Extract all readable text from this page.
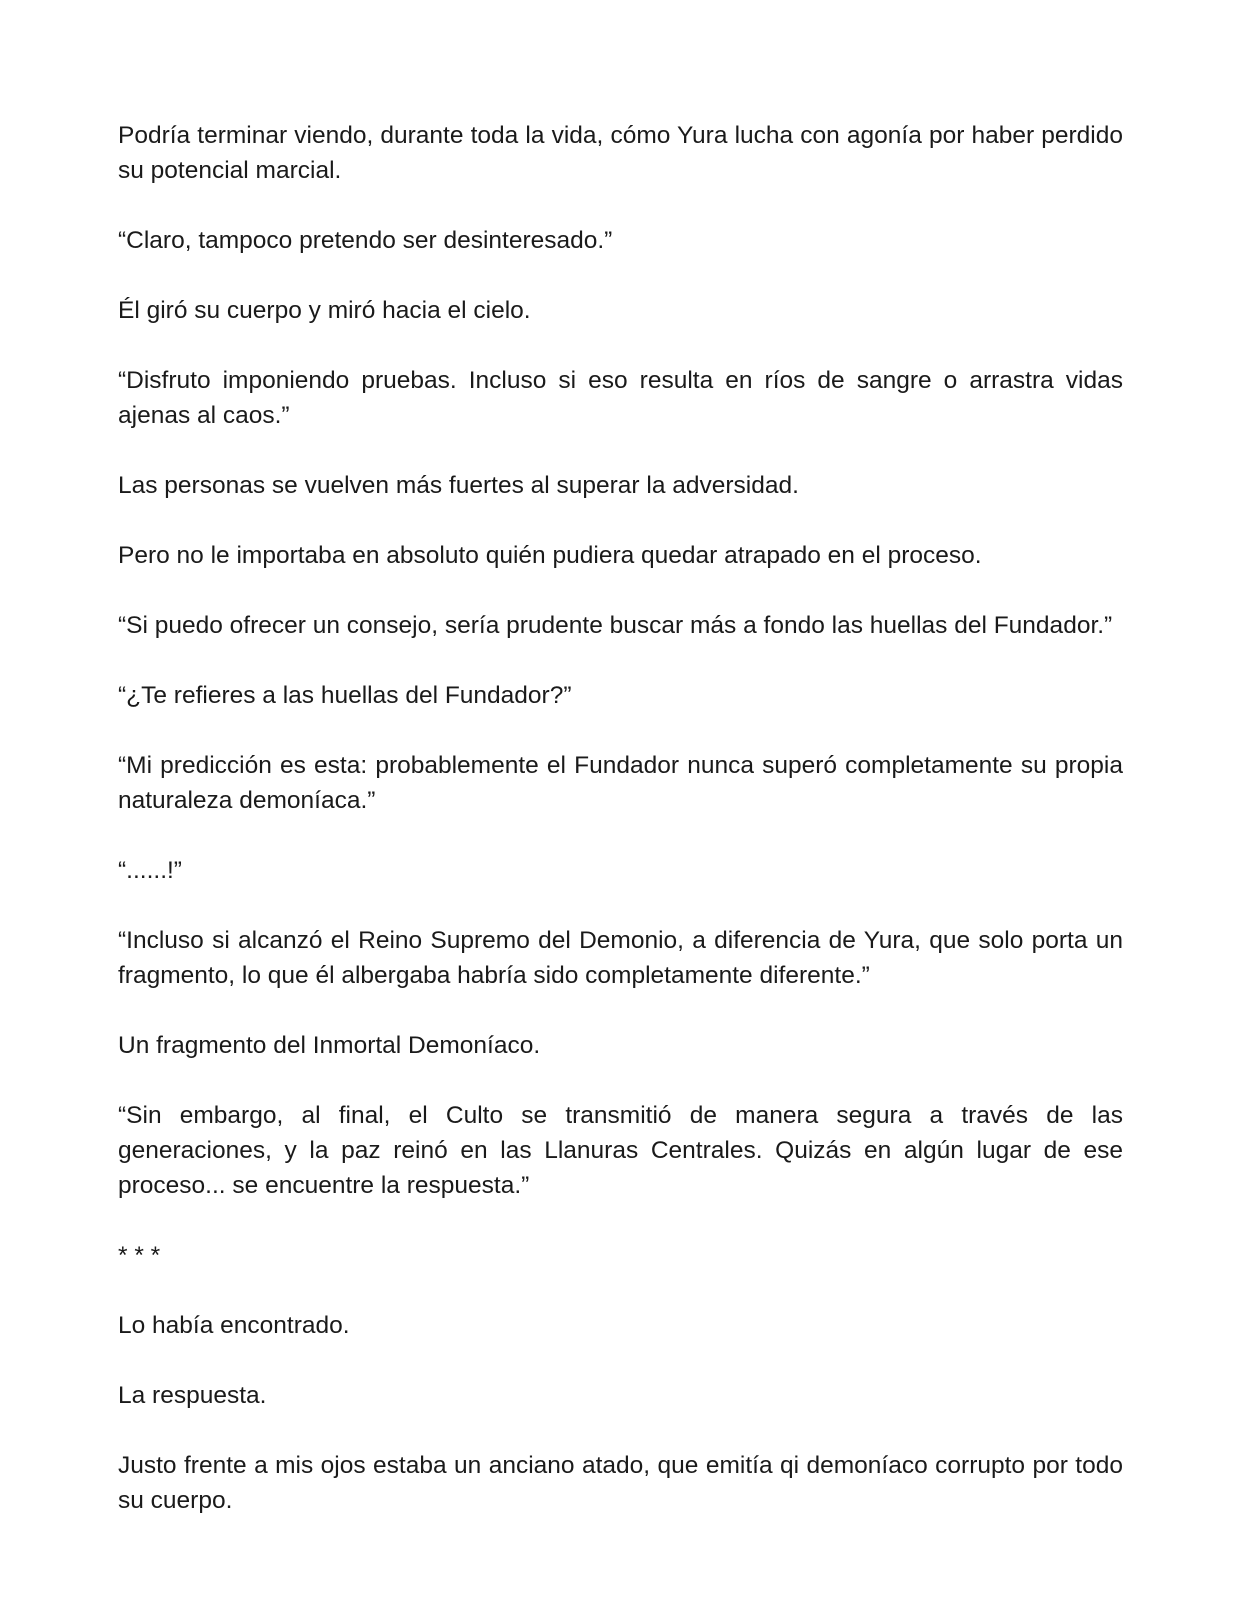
Podría terminar viendo, durante toda la vida, cómo Yura lucha con agonía por haber perdido su potencial marcial.

“Claro, tampoco pretendo ser desinteresado.”

Él giró su cuerpo y miró hacia el cielo.

“Disfruto imponiendo pruebas. Incluso si eso resulta en ríos de sangre o arrastra vidas ajenas al caos.”

Las personas se vuelven más fuertes al superar la adversidad.

Pero no le importaba en absoluto quién pudiera quedar atrapado en el proceso.

“Si puedo ofrecer un consejo, sería prudente buscar más a fondo las huellas del Fundador.”

“¿Te refieres a las huellas del Fundador?”

“Mi predicción es esta: probablemente el Fundador nunca superó completamente su propia naturaleza demoníaca.”

“......!”

“Incluso si alcanzó el Reino Supremo del Demonio, a diferencia de Yura, que solo porta un fragmento, lo que él albergaba habría sido completamente diferente.”

Un fragmento del Inmortal Demoníaco.

“Sin embargo, al final, el Culto se transmitió de manera segura a través de las generaciones, y la paz reinó en las Llanuras Centrales. Quizás en algún lugar de ese proceso... se encuentre la respuesta.”

* * *

Lo había encontrado.

La respuesta.

Justo frente a mis ojos estaba un anciano atado, que emitía qi demoníaco corrupto por todo su cuerpo.
